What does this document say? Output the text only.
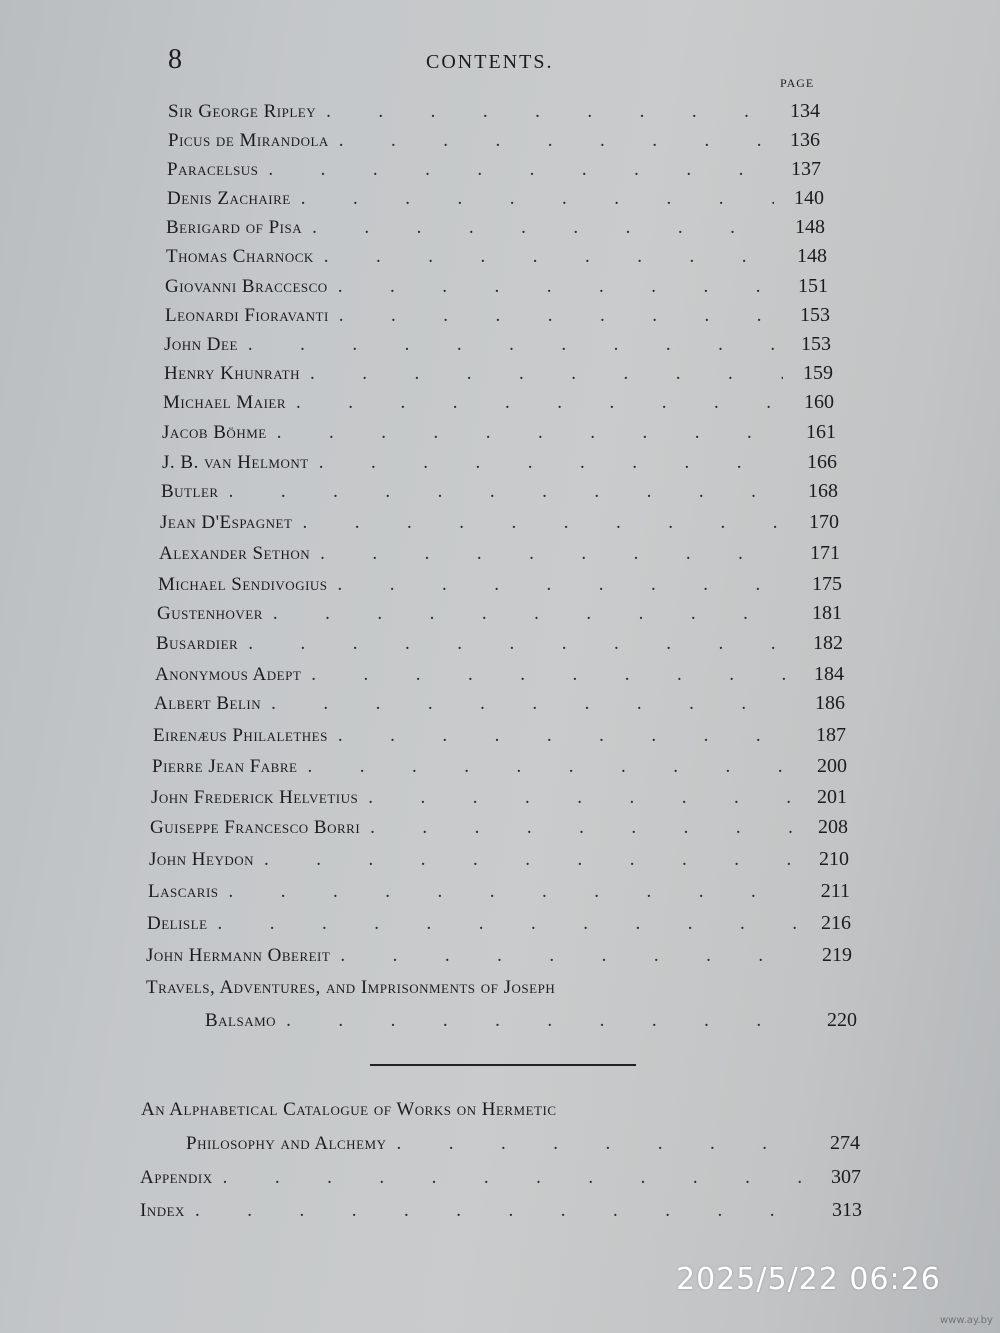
8	CONTENTS.
PAGE
Sir George Ripley .	134
Picus de Mirandola .	136
Paracelsus .	137
Denis Zachaire .	140
Berigard of Pisa .	148
Thomas Charnock .	148
Giovanni Braccesco .	151
Leonardi Fioravanti .	153
John Dee .	153
Henry Khunrath .	159
Michael Maier .	160
Jacob Böhme .	161
J. B. van Helmont .	166
Butler .	168
Jean D'Espagnet .	170
Alexander Sethon .	171
Michael Sendivogius .	175
Gustenhover .	181
Busardier .	182
Anonymous Adept .	184
Albert Belin .	186
Eirenæus Philalethes .	187
Pierre Jean Fabre .	200
John Frederick Helvetius .	201
Guiseppe Francesco Borri .	208
John Heydon .	210
Lascaris .	211
Delisle .	216
John Hermann Obereit .	219
Travels, Adventures, and Imprisonments of Joseph
Balsamo .	220
An Alphabetical Catalogue of Works on Hermetic
Philosophy and Alchemy .	274
Appendix .	307
Index .	313
2025/5/22 06:26
www.ay.by
